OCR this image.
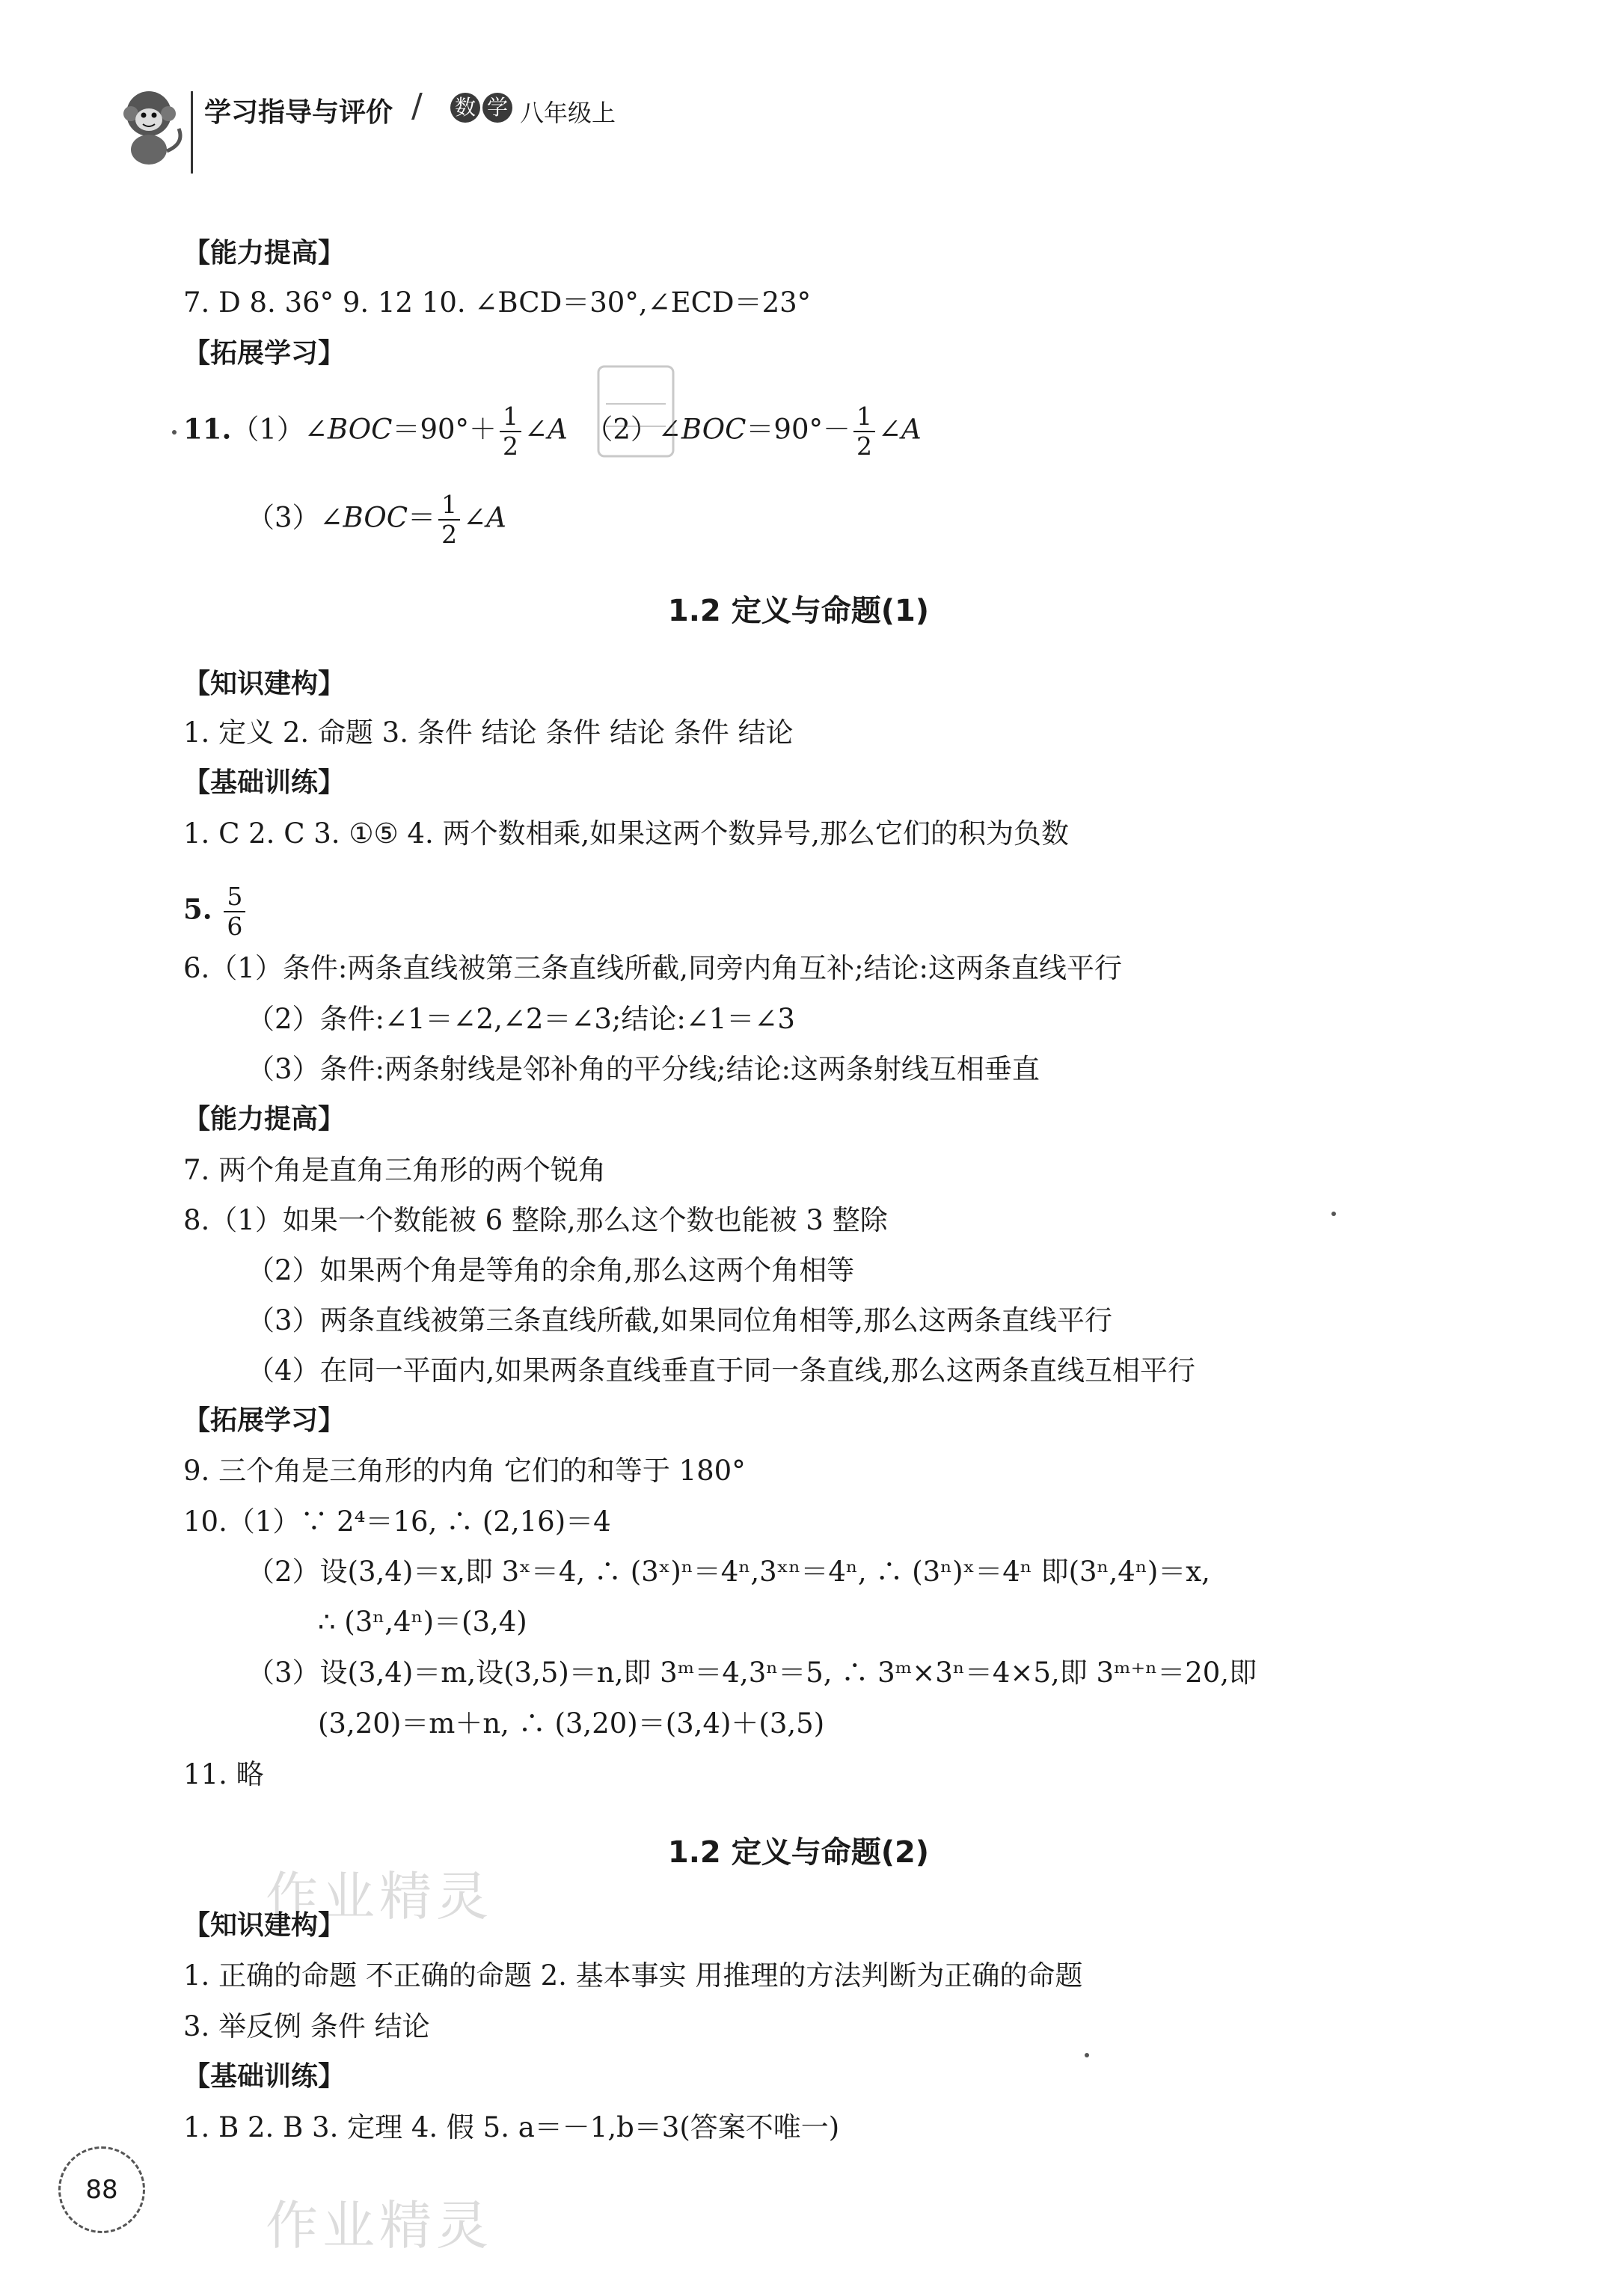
学习指导与评价 / 数 学 八年级上
【能力提高】
7. D 8. 36° 9. 12 10. ∠BCD＝30°,∠ECD＝23°
【拓展学习】
11.（1）∠BOC＝90°＋ $\frac{1}{2}$ ∠A  （2）∠BOC＝90°－ $\frac{1}{2}$ ∠A
（3）∠BOC＝ $\frac{1}{2}$ ∠A
1.2 定义与命题(1)
【知识建构】
1. 定义 2. 命题 3. 条件 结论 条件 结论 条件 结论
【基础训练】
1. C 2. C 3. ①⑤ 4. 两个数相乘,如果这两个数异号,那么它们的积为负数
5. $\frac{5}{6}$
6.（1）条件:两条直线被第三条直线所截,同旁内角互补;结论:这两条直线平行
（2）条件:∠1＝∠2,∠2＝∠3;结论:∠1＝∠3
（3）条件:两条射线是邻补角的平分线;结论:这两条射线互相垂直
【能力提高】
7. 两个角是直角三角形的两个锐角
8.（1）如果一个数能被 6 整除,那么这个数也能被 3 整除
（2）如果两个角是等角的余角,那么这两个角相等
（3）两条直线被第三条直线所截,如果同位角相等,那么这两条直线平行
（4）在同一平面内,如果两条直线垂直于同一条直线,那么这两条直线互相平行
【拓展学习】
9. 三个角是三角形的内角 它们的和等于 180°
10.（1）∵ 2⁴＝16, ∴ (2,16)＝4
（2）设(3,4)＝x,即 3ˣ＝4, ∴ (3ˣ)ⁿ＝4ⁿ,3ˣⁿ＝4ⁿ, ∴ (3ⁿ)ˣ＝4ⁿ 即(3ⁿ,4ⁿ)＝x,
∴ (3ⁿ,4ⁿ)＝(3,4)
（3）设(3,4)＝m,设(3,5)＝n,即 3ᵐ＝4,3ⁿ＝5, ∴ 3ᵐ×3ⁿ＝4×5,即 3ᵐ⁺ⁿ＝20,即
(3,20)＝m＋n, ∴ (3,20)＝(3,4)＋(3,5)
11. 略
1.2 定义与命题(2)
作业精灵
【知识建构】
1. 正确的命题 不正确的命题 2. 基本事实 用推理的方法判断为正确的命题
3. 举反例 条件 结论
【基础训练】
1. B 2. B 3. 定理 4. 假 5. a＝－1,b＝3(答案不唯一)
作业精灵
88
